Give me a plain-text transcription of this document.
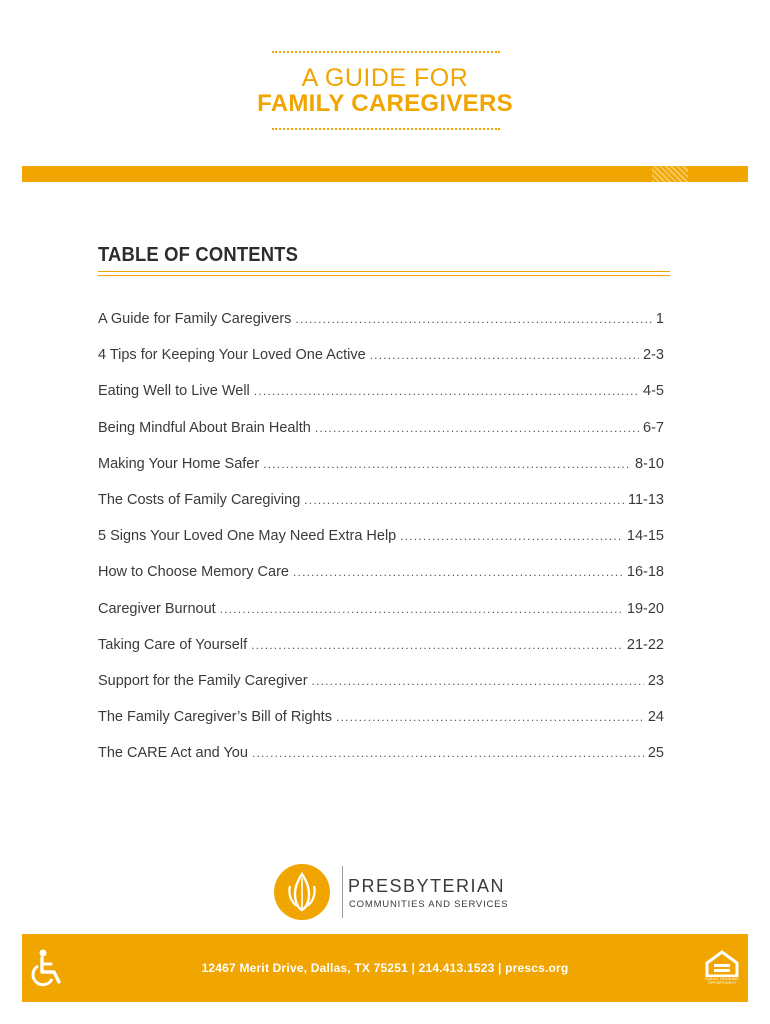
A GUIDE FOR
FAMILY CAREGIVERS
TABLE OF CONTENTS
A Guide for Family Caregivers .....	1
4 Tips for Keeping Your Loved One Active .....	2-3
Eating Well to Live Well .....	4-5
Being Mindful About Brain Health .....	6-7
Making Your Home Safer .....	8-10
The Costs of Family Caregiving .....	11-13
5 Signs Your Loved One May Need Extra Help .....	14-15
How to Choose Memory Care .....	16-18
Caregiver Burnout .....	19-20
Taking Care of Yourself .....	21-22
Support for the Family Caregiver .....	23
The Family Caregiver’s Bill of Rights .....	24
The CARE Act and You .....	25
PRESBYTERIAN
COMMUNITIES AND SERVICES
12467 Merit Drive, Dallas, TX 75251 | 214.413.1523 | prescs.org
EQUAL HOUSING OPPORTUNITY
